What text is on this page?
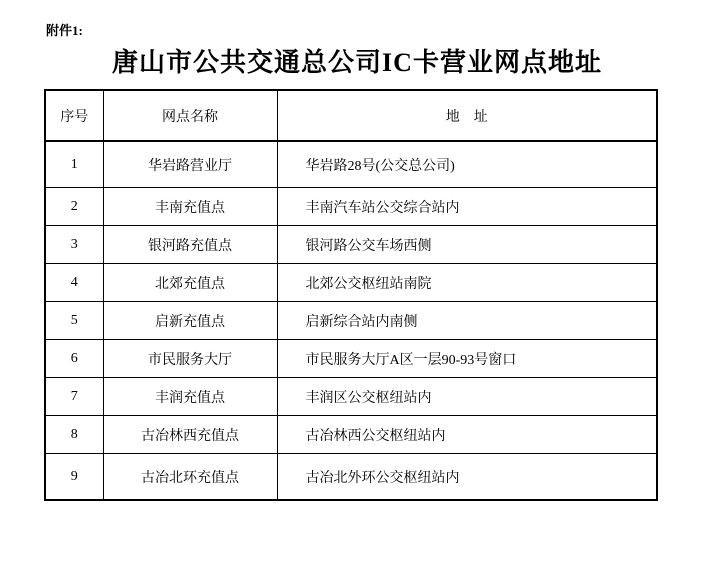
附件1:
唐山市公共交通总公司IC卡营业网点地址
序号	网点名称	地　址
1	华岩路营业厅	华岩路28号(公交总公司)
2	丰南充值点	丰南汽车站公交综合站内
3	银河路充值点	银河路公交车场西侧
4	北郊充值点	北郊公交枢纽站南院
5	启新充值点	启新综合站内南侧
6	市民服务大厅	市民服务大厅A区一层90-93号窗口
7	丰润充值点	丰润区公交枢纽站内
8	古冶林西充值点	古冶林西公交枢纽站内
9	古冶北环充值点	古冶北外环公交枢纽站内
